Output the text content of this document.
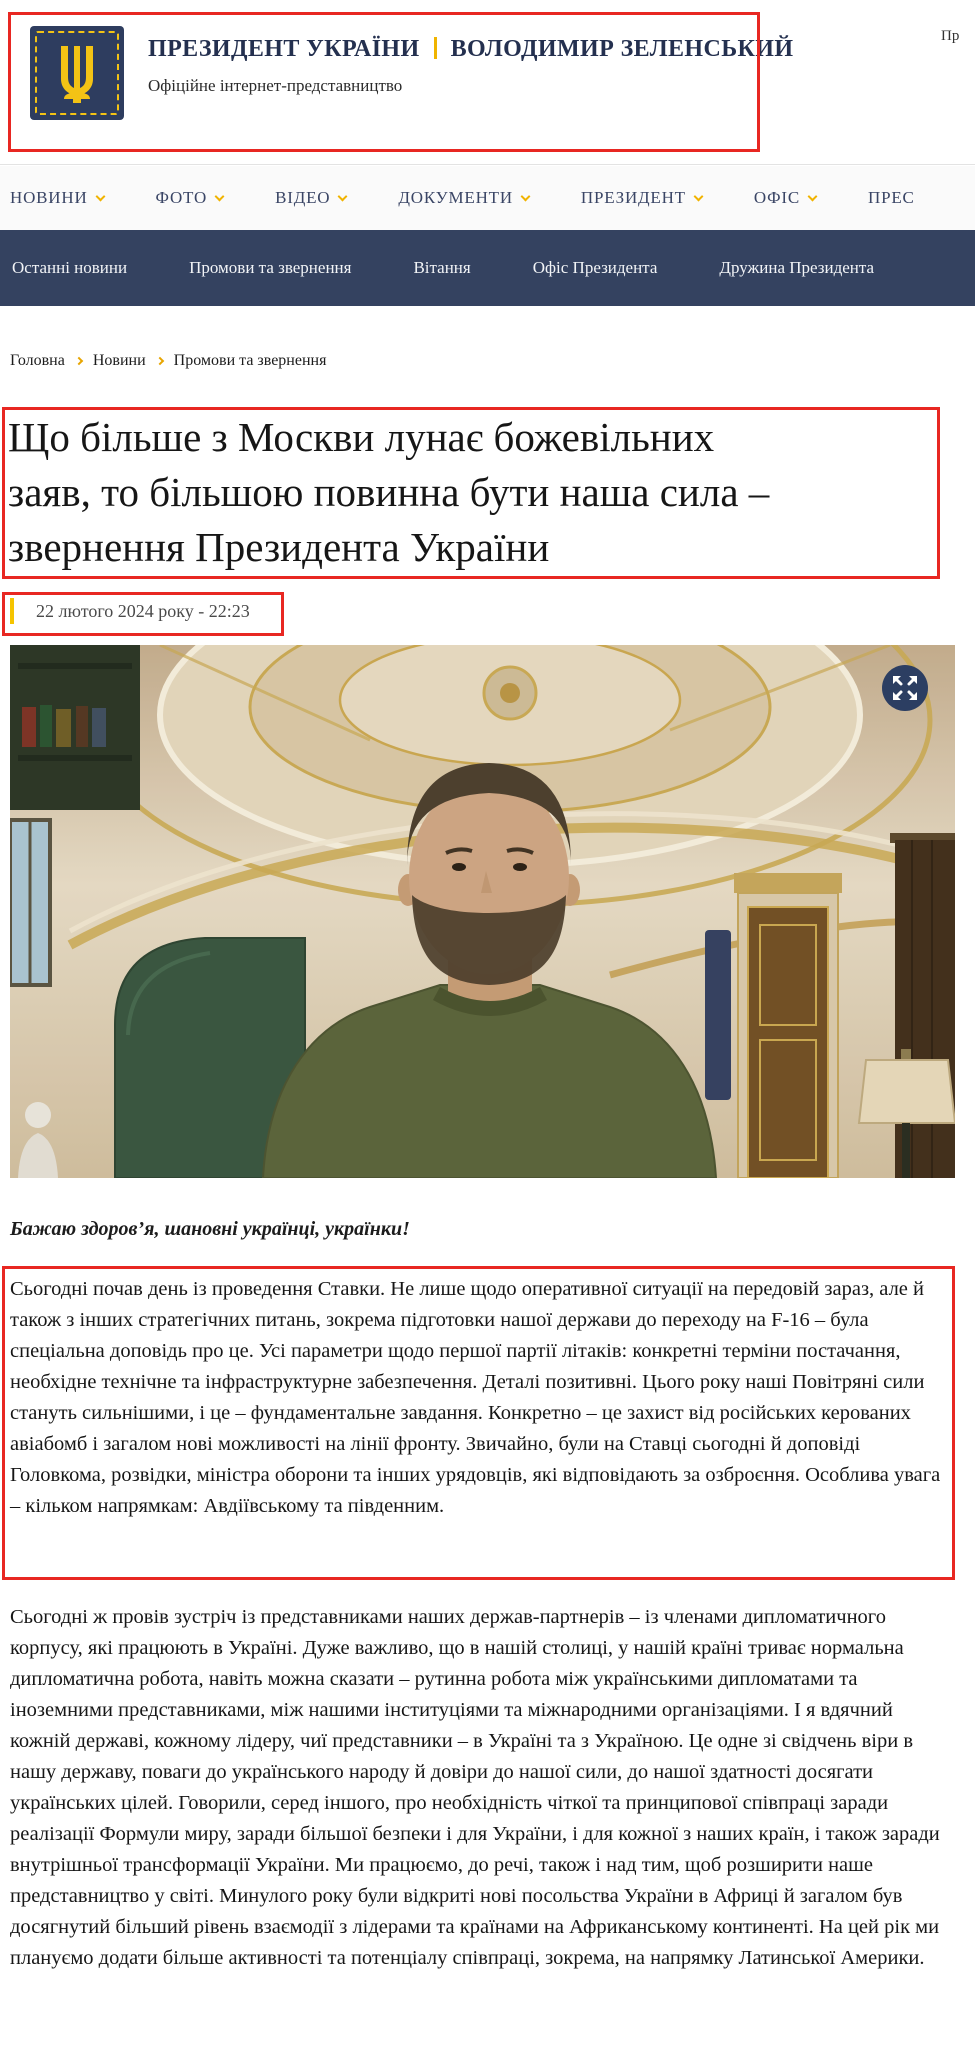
ПРЕЗИДЕНТ УКРАЇНИ ВОЛОДИМИР ЗЕЛЕНСЬКИЙ
Офіційне інтернет-представництво
Пр
НОВИНИ	ФОТО	ВІДЕО	ДОКУМЕНТИ	ПРЕЗИДЕНТ	ОФІС	ПРЕС
Останні новини	Промови та звернення	Вітання	Офіс Президента	Дружина Президента
Головна Новини Промови та звернення
Що більше з Москви лунає божевільних
заяв, то більшою повинна бути наша сила –
звернення Президента України
22 лютого 2024 року - 22:23

Бажаю здоров’я, шановні українці, українки!

Сьогодні почав день із проведення Ставки. Не лише щодо оперативної ситуації на передовій зараз, але й також з інших стратегічних питань, зокрема підготовки нашої держави до переходу на F-16 – була спеціальна доповідь про це. Усі параметри щодо першої партії літаків: конкретні терміни постачання, необхідне технічне та інфраструктурне забезпечення. Деталі позитивні. Цього року наші Повітряні сили стануть сильнішими, і це – фундаментальне завдання. Конкретно – це захист від російських керованих авіабомб і загалом нові можливості на лінії фронту. Звичайно, були на Ставці сьогодні й доповіді Головкома, розвідки, міністра оборони та інших урядовців, які відповідають за озброєння. Особлива увага – кільком напрямкам: Авдіївському та південним.

Сьогодні ж провів зустріч із представниками наших держав-партнерів – із членами дипломатичного корпусу, які працюють в Україні. Дуже важливо, що в нашій столиці, у нашій країні триває нормальна дипломатична робота, навіть можна сказати – рутинна робота між українськими дипломатами та іноземними представниками, між нашими інституціями та міжнародними організаціями. І я вдячний кожній державі, кожному лідеру, чиї представники – в Україні та з Україною. Це одне зі свідчень віри в нашу державу, поваги до українського народу й довіри до нашої сили, до нашої здатності досягати українських цілей. Говорили, серед іншого, про необхідність чіткої та принципової співпраці заради реалізації Формули миру, заради більшої безпеки і для України, і для кожної з наших країн, і також заради внутрішньої трансформації України. Ми працюємо, до речі, також і над тим, щоб розширити наше представництво у світі. Минулого року були відкриті нові посольства України в Африці й загалом був досягнутий більший рівень взаємодії з лідерами та країнами на Африканському континенті. На цей рік ми плануємо додати більше активності та потенціалу співпраці, зокрема, на напрямку Латинської Америки.
